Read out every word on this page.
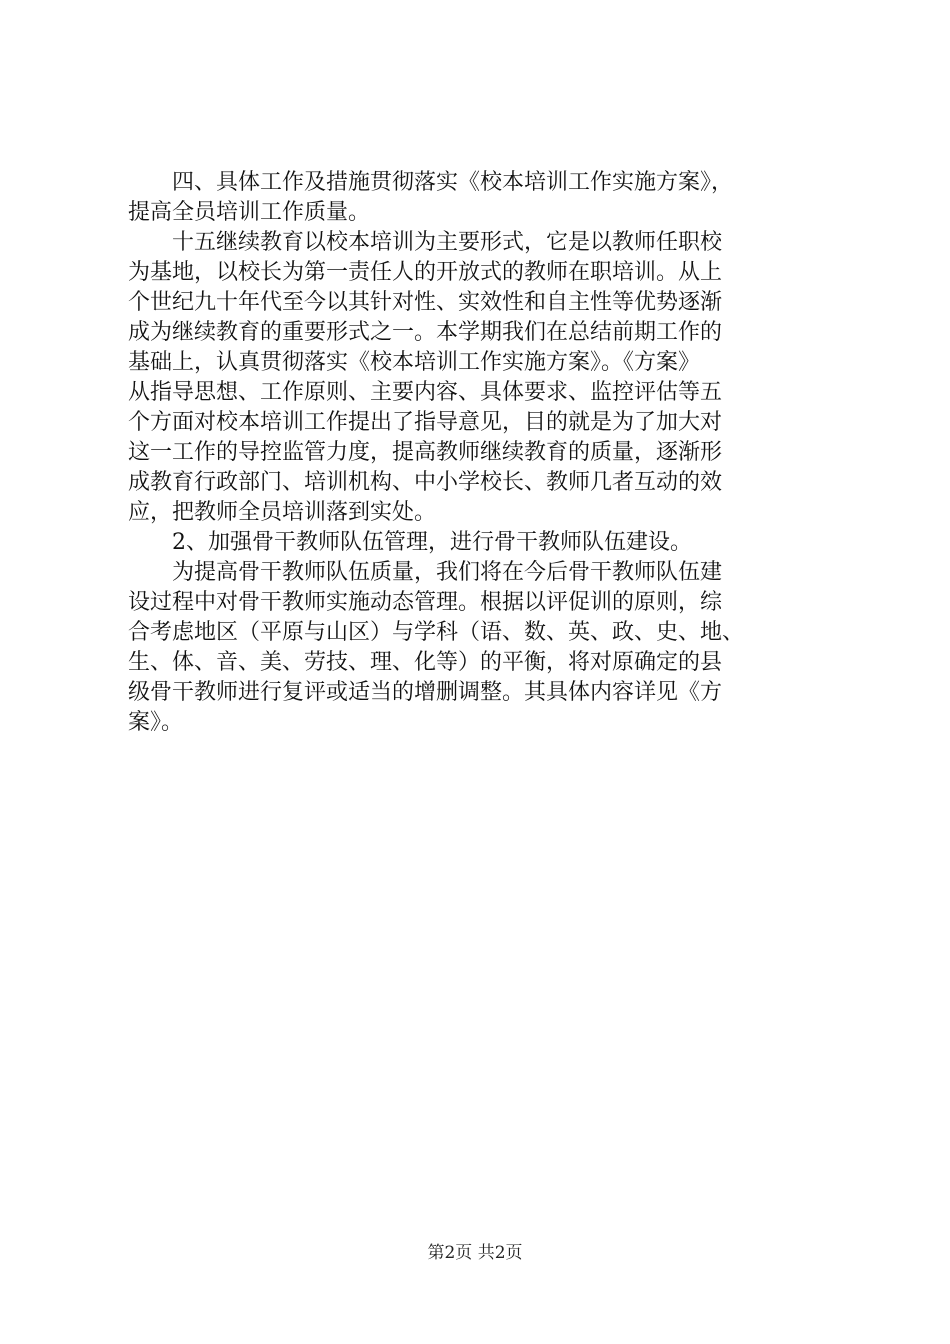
　　四、具体工作及措施贯彻落实《校本培训工作实施方案》，
提高全员培训工作质量。
　　十五继续教育以校本培训为主要形式，它是以教师任职校
为基地，以校长为第一责任人的开放式的教师在职培训。从上
个世纪九十年代至今以其针对性、实效性和自主性等优势逐渐
成为继续教育的重要形式之一。本学期我们在总结前期工作的
基础上，认真贯彻落实《校本培训工作实施方案》。《方案》
从指导思想、工作原则、主要内容、具体要求、监控评估等五
个方面对校本培训工作提出了指导意见，目的就是为了加大对
这一工作的导控监管力度，提高教师继续教育的质量，逐渐形
成教育行政部门、培训机构、中小学校长、教师几者互动的效
应，把教师全员培训落到实处。
　　2、加强骨干教师队伍管理，进行骨干教师队伍建设。
　　为提高骨干教师队伍质量，我们将在今后骨干教师队伍建
设过程中对骨干教师实施动态管理。根据以评促训的原则，综
合考虑地区（平原与山区）与学科（语、数、英、政、史、地、
生、体、音、美、劳技、理、化等）的平衡，将对原确定的县
级骨干教师进行复评或适当的增删调整。其具体内容详见《方
案》。
第2页 共2页
